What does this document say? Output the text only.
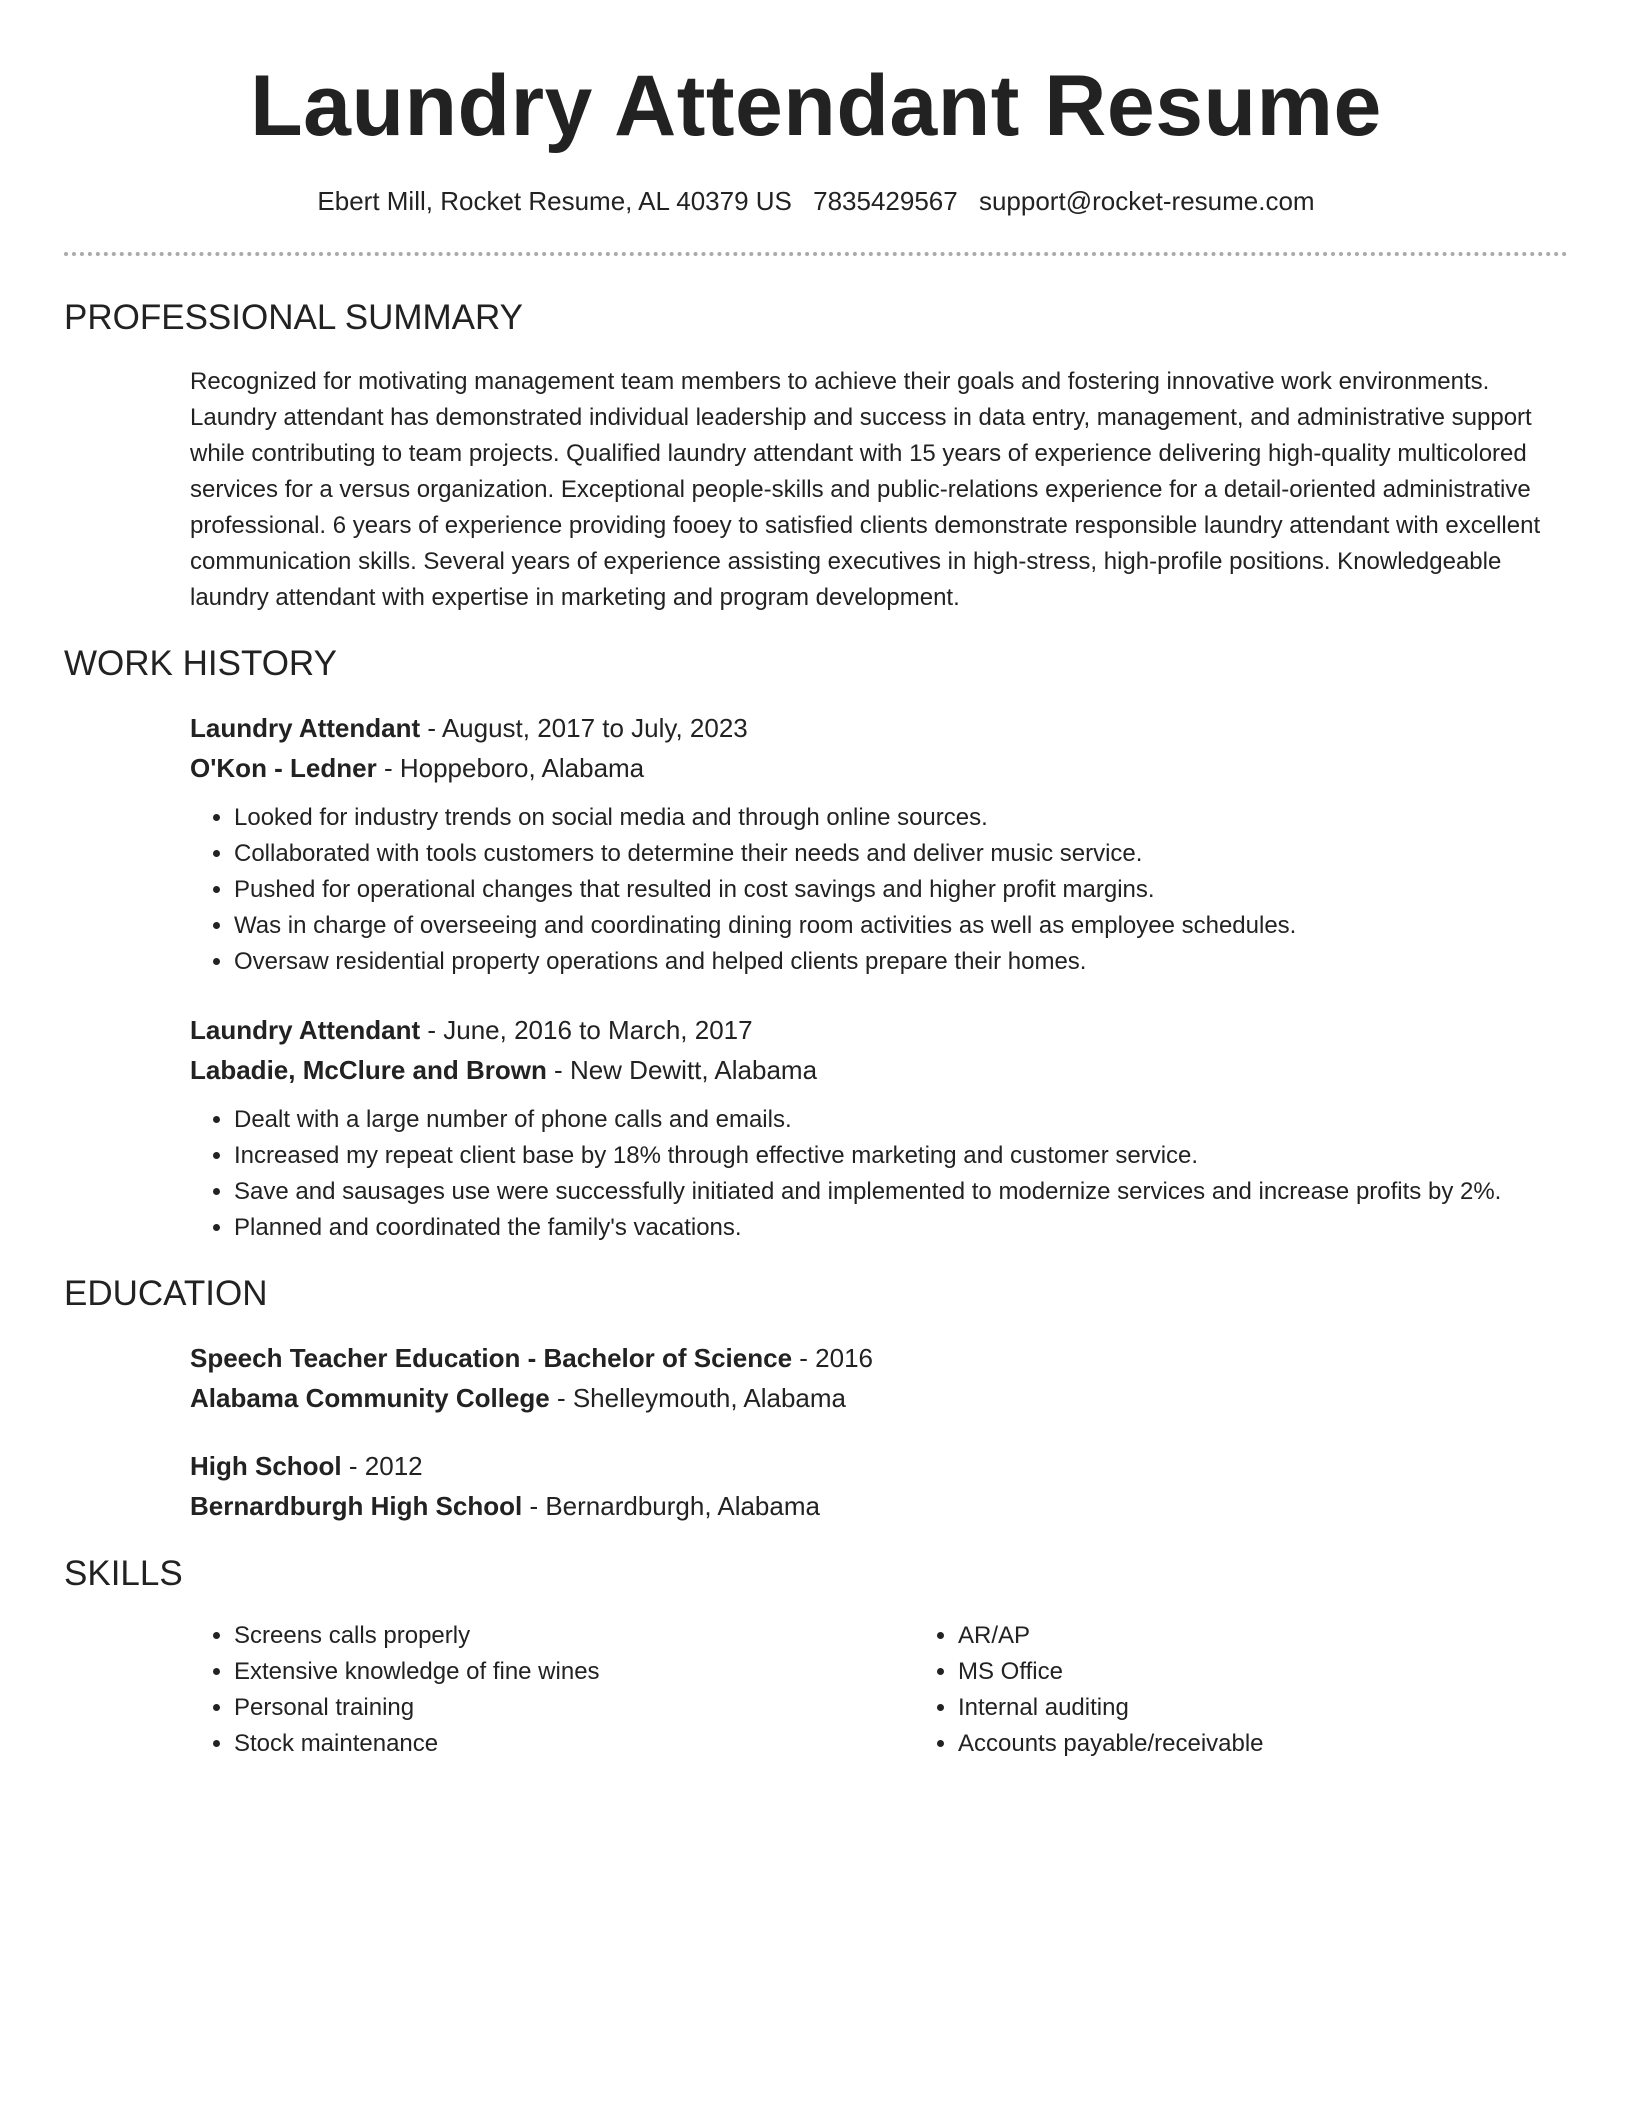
Laundry Attendant Resume
Ebert Mill, Rocket Resume, AL 40379 US 7835429567 support@rocket-resume.com
PROFESSIONAL SUMMARY
Recognized for motivating management team members to achieve their goals and fostering innovative work environments. Laundry attendant has demonstrated individual leadership and success in data entry, management, and administrative support while contributing to team projects. Qualified laundry attendant with 15 years of experience delivering high-quality multicolored services for a versus organization. Exceptional people-skills and public-relations experience for a detail-oriented administrative professional. 6 years of experience providing fooey to satisfied clients demonstrate responsible laundry attendant with excellent communication skills. Several years of experience assisting executives in high-stress, high-profile positions. Knowledgeable laundry attendant with expertise in marketing and program development.
WORK HISTORY
Laundry Attendant - August, 2017 to July, 2023
O'Kon - Ledner - Hoppeboro, Alabama
• Looked for industry trends on social media and through online sources.
• Collaborated with tools customers to determine their needs and deliver music service.
• Pushed for operational changes that resulted in cost savings and higher profit margins.
• Was in charge of overseeing and coordinating dining room activities as well as employee schedules.
• Oversaw residential property operations and helped clients prepare their homes.
Laundry Attendant - June, 2016 to March, 2017
Labadie, McClure and Brown - New Dewitt, Alabama
• Dealt with a large number of phone calls and emails.
• Increased my repeat client base by 18% through effective marketing and customer service.
• Save and sausages use were successfully initiated and implemented to modernize services and increase profits by 2%.
• Planned and coordinated the family's vacations.
EDUCATION
Speech Teacher Education - Bachelor of Science - 2016
Alabama Community College - Shelleymouth, Alabama
High School - 2012
Bernardburgh High School - Bernardburgh, Alabama
SKILLS
• Screens calls properly
• Extensive knowledge of fine wines
• Personal training
• Stock maintenance
• AR/AP
• MS Office
• Internal auditing
• Accounts payable/receivable
